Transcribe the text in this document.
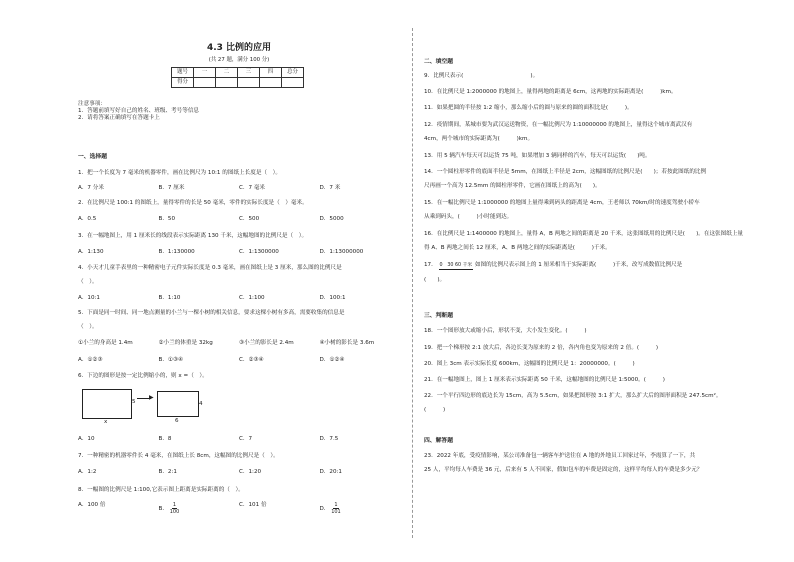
4.3 比例的应用
(共 27 题，满分 100 分)
题号	一	二	三	四	总分
得分					
注意事项：
1．答题前填写好自己的姓名、班级、考号等信息
2．请将答案正确填写在答题卡上
一、选择题
1．把一个长度为 7 毫米的机器零件，画在比例尺为 10:1 的图纸上长度是（　）。
A．7 分米	B．7 厘米	C．7 毫米	D．7 米
2．在比例尺是 100:1 的图纸上，量得零件的长是 50 毫米，零件的实际长度是（　）毫米。
A．0.5	B．50	C．500	D．5000
3．在一幅地图上，用 1 厘米长的线段表示实际距离 130 千米，这幅地图的比例尺是（　）。
A．1:130	B．1:130000	C．1:1300000	D．1:13000000
4．小天才儿童手表里的一种精密电子元件实际长度是 0.3 毫米，画在图纸上是 3 厘米，那么图的比例尺是
（　）。
A．10:1	B．1:10	C．1:100	D．100:1
5．下面是同一时间、同一地点测量的小兰与一棵小树的相关信息，要求这棵小树有多高，需要收集的信息是
（　）。
①小兰的身高是 1.4m	②小兰的体重是 32kg	③小兰的影长是 2.4m	④小树的影长是 3.6m
A．①②③	B．①③④	C．②③④	D．①②④
6．下边的图形是按一定比例缩小的，则 x =（　）。
5
x
▶
4
6
A．10	B．8	C．7	D．7.5
7．一种精密的机器零件长 4 毫米，在图纸上长 8cm，这幅图的比例尺是（　）。
A．1:2	B．2:1	C．1:20	D．20:1
8．一幅图的比例尺是 1:100,它表示图上距离是实际距离的（　）。
A．100 倍
B． $\frac{1}{100}$	C．101 倍
D． $\frac{1}{101}$
二、填空题
9．比例尺表示(　　　　　　　　　　　　)。
10．在比例尺是 1:2000000 的地图上，量得两地的距离是 6cm，这两地的实际距离是(　　　)km。
11．如果把圆的半径按 1:2 缩小，那么缩小后的圆与原来的圆的面积比是(　　　)。
12．疫情期间，某城市要为武汉运送物资，在一幅比例尺为 1:10000000 的地图上，量得这个城市离武汉有
4cm，两个城市的实际距离为(　　　)km。
13．用 5 辆汽车每天可以运货 75 吨，如果增加 3 辆同样的汽车，每天可以运货(　　)吨。
14．一个圆柱形零件的底面半径是 5mm，在图纸上半径是 2cm，这幅图纸的比例尺是(　　)；若按此图纸的比例
尺再画一个高为 12.5mm 的圆柱形零件，它画在图纸上的高为(　　)。
15．在一幅比例尺是 1:1000000 的地图上量得乘到码头的距离是 4cm，王老师以 70km/时的速度驾驶小轿车
从乘到码头，(　　　)小时能到达。
16．在比例尺是 1:1400000 的地图上，量得 A，B 两地之间的距离是 20 千米，这张图纸用的比例尺是(　　)。在这张图纸上量
得 A、B 两地之间长 12 厘米，A、B 两地之间的实际距离是(　　　)千米。
17． 0　30 60 千米 如图的比例尺表示图上的 1 厘米相当于实际距离(　　　)千米，改写成数值比例尺是
(　　)。
三、判断题
18．一个图形放大或缩小后，形状不变，大小发生变化。(　　　)
19．把一个梯形按 2:1 放大后，各边长变为原来的 2 倍，各内角也变为原来的 2 倍。(　　　)
20．图上 3cm 表示实际长度 600km，这幅图的比例尺是 1：20000000。(　　　)
21．在一幅地图上，图上 1 厘米表示实际距离 50 千米，这幅地图的比例尺是 1:5000。(　　　)
22．一个平行四边形的底边长为 15cm，高为 5.5cm，如果把图形按 3:1 扩大，那么扩大后的图形面积是 247.5cm²。
(　　　)
四、解答题
23．2022 年底，受疫情影响，某公司准备包一辆客车护送往在 A 地的外地员工回家过年，李霞算了一下，共
25 人，平均每人车费是 36 元，后来有 5 人不回家，假如包车的车费是固定的，这样平均每人的车费是多少元？
